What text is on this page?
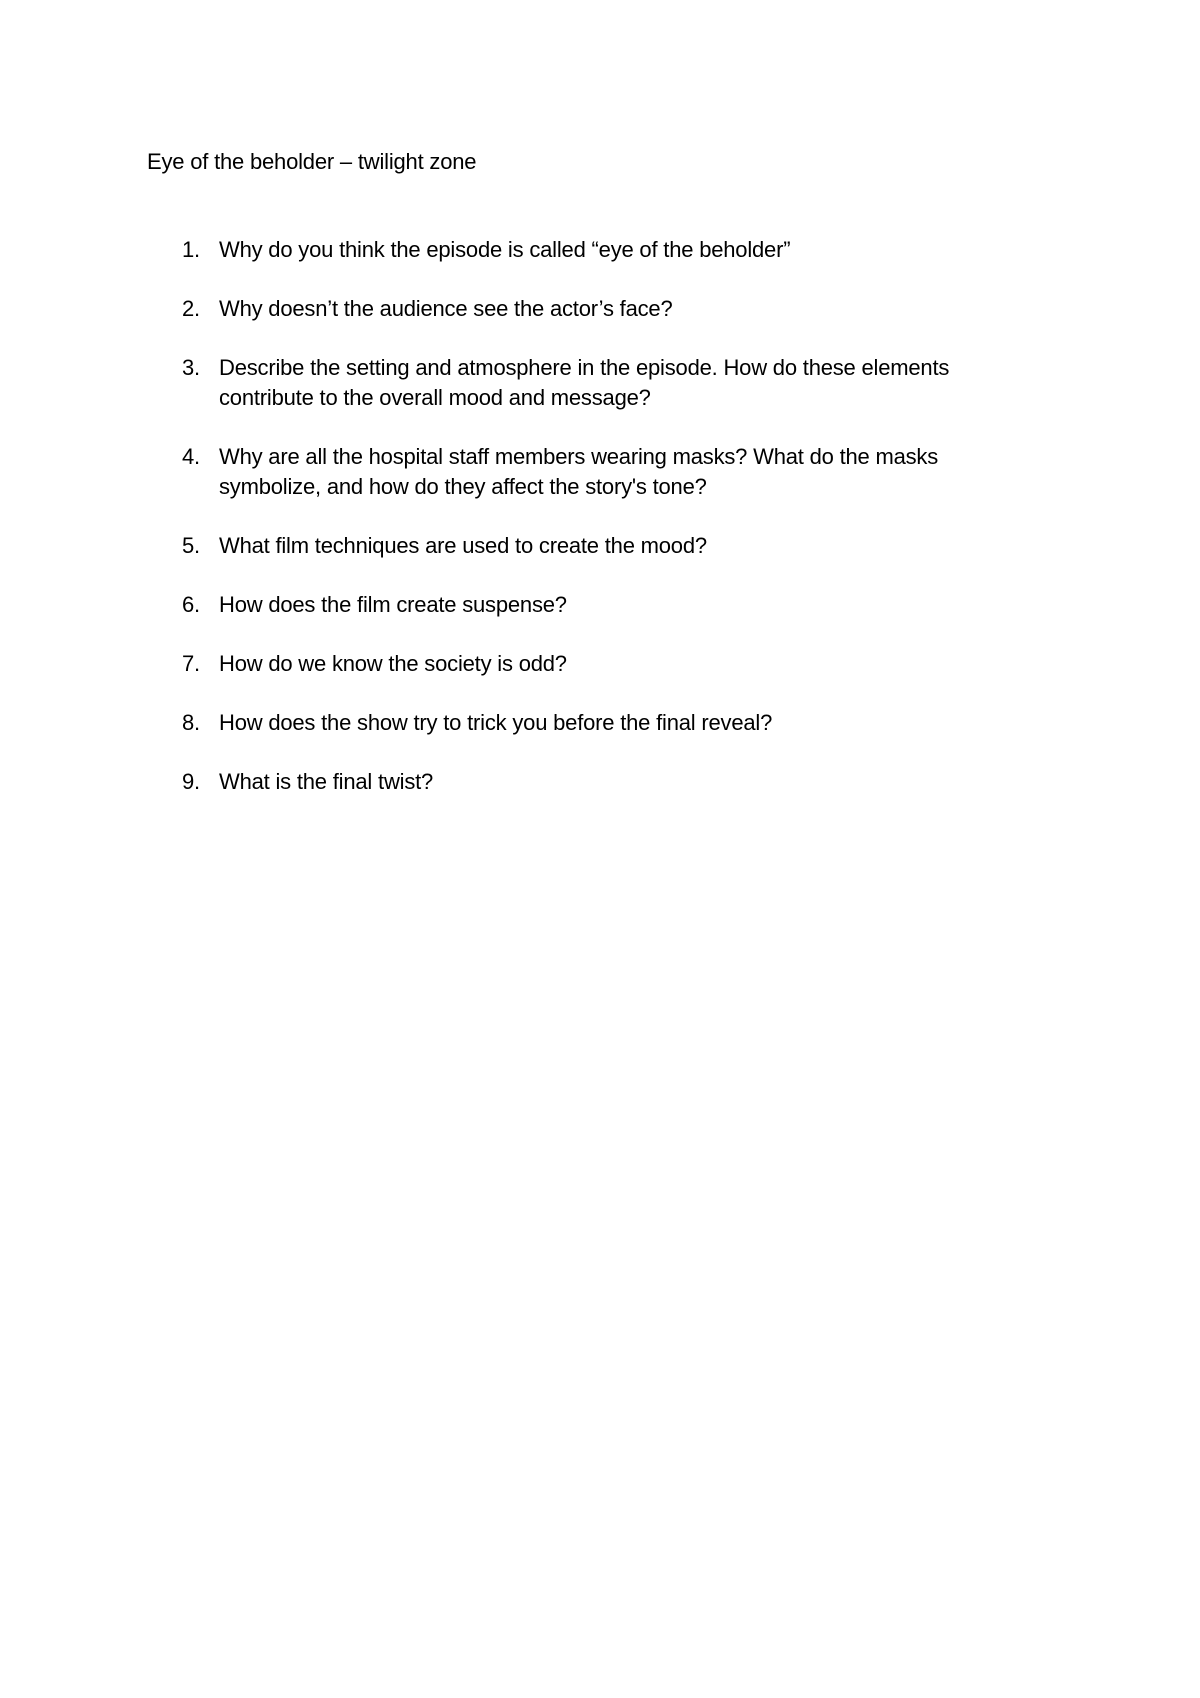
Eye of the beholder – twilight zone
1. Why do you think the episode is called “eye of the beholder”
2. Why doesn’t the audience see the actor’s face?
3. Describe the setting and atmosphere in the episode. How do these elements contribute to the overall mood and message?
4. Why are all the hospital staff members wearing masks? What do the masks symbolize, and how do they affect the story's tone?
5. What film techniques are used to create the mood?
6. How does the film create suspense?
7. How do we know the society is odd?
8. How does the show try to trick you before the final reveal?
9. What is the final twist?
